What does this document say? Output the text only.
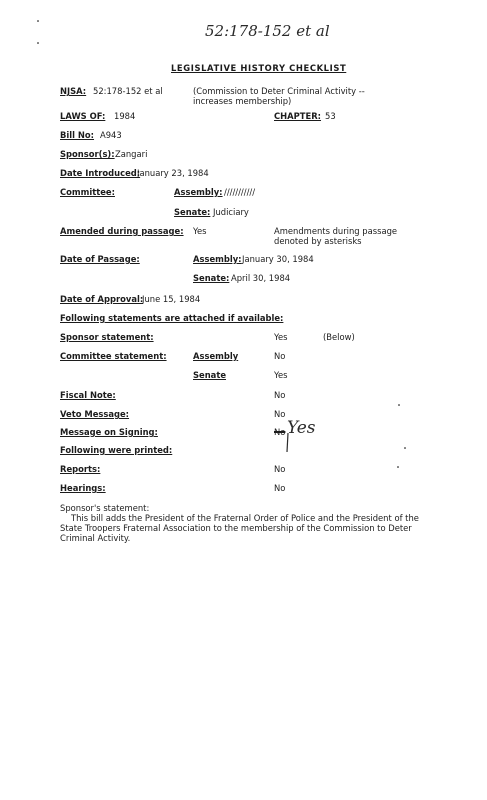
52:178-152 et al
LEGISLATIVE HISTORY CHECKLIST
NJSA: 52:178-152 et al	(Commission to Deter Criminal Activity -- increases membership)
LAWS OF: 1984	CHAPTER: 53
Bill No: A943
Sponsor(s): Zangari
Date Introduced:
January 23, 1984
Committee:	Assembly: ///////////
Senate: Judiciary
Amended during passage: Yes	Amendments during passage denoted by asterisks
Date of Passage:	Assembly: January 30, 1984
Senate: April 30, 1984
Date of Approval:
June 15, 1984
Following statements are attached if available:
Sponsor statement:	Yes	(Below)
Committee statement:	Assembly	No
Senate	Yes
Fiscal Note:	No
Veto Message:	No
Message on Signing:	No Yes
Following were printed:
Reports:	No
Hearings:	No
Sponsor's statement:
This bill adds the President of the Fraternal Order of Police and the President of the State Troopers Fraternal Association to the membership of the Commission to Deter Criminal Activity.
